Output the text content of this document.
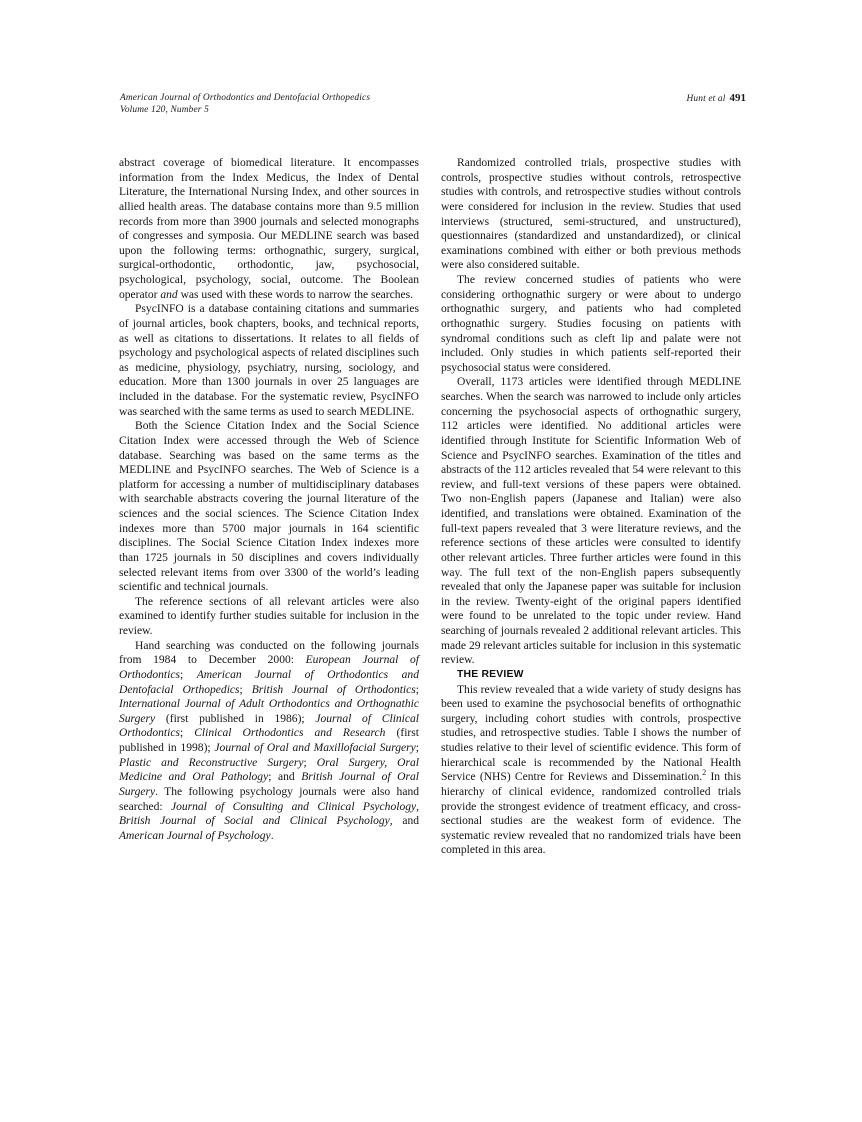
American Journal of Orthodontics and Dentofacial Orthopedics
Volume 120, Number 5
Hunt et al 491

abstract coverage of biomedical literature. It encompasses information from the Index Medicus, the Index of Dental Literature, the International Nursing Index, and other sources in allied health areas. The database contains more than 9.5 million records from more than 3900 journals and selected monographs of congresses and symposia. Our MEDLINE search was based upon the following terms: orthognathic, surgery, surgical, surgical-orthodontic, orthodontic, jaw, psychosocial, psychological, psychology, social, outcome. The Boolean operator and was used with these words to narrow the searches.

PsycINFO is a database containing citations and summaries of journal articles, book chapters, books, and technical reports, as well as citations to dissertations. It relates to all fields of psychology and psychological aspects of related disciplines such as medicine, physiology, psychiatry, nursing, sociology, and education. More than 1300 journals in over 25 languages are included in the database. For the systematic review, PsycINFO was searched with the same terms as used to search MEDLINE.

Both the Science Citation Index and the Social Science Citation Index were accessed through the Web of Science database. Searching was based on the same terms as the MEDLINE and PsycINFO searches. The Web of Science is a platform for accessing a number of multidisciplinary databases with searchable abstracts covering the journal literature of the sciences and the social sciences. The Science Citation Index indexes more than 5700 major journals in 164 scientific disciplines. The Social Science Citation Index indexes more than 1725 journals in 50 disciplines and covers individually selected relevant items from over 3300 of the world’s leading scientific and technical journals.

The reference sections of all relevant articles were also examined to identify further studies suitable for inclusion in the review.

Hand searching was conducted on the following journals from 1984 to December 2000: European Journal of Orthodontics; American Journal of Orthodontics and Dentofacial Orthopedics; British Journal of Orthodontics; International Journal of Adult Orthodontics and Orthognathic Surgery (first published in 1986); Journal of Clinical Orthodontics; Clinical Orthodontics and Research (first published in 1998); Journal of Oral and Maxillofacial Surgery; Plastic and Reconstructive Surgery; Oral Surgery, Oral Medicine and Oral Pathology; and British Journal of Oral Surgery. The following psychology journals were also hand searched: Journal of Consulting and Clinical Psychology, British Journal of Social and Clinical Psychology, and American Journal of Psychology.

Randomized controlled trials, prospective studies with controls, prospective studies without controls, retrospective studies with controls, and retrospective studies without controls were considered for inclusion in the review. Studies that used interviews (structured, semi-structured, and unstructured), questionnaires (standardized and unstandardized), or clinical examinations combined with either or both previous methods were also considered suitable.

The review concerned studies of patients who were considering orthognathic surgery or were about to undergo orthognathic surgery, and patients who had completed orthognathic surgery. Studies focusing on patients with syndromal conditions such as cleft lip and palate were not included. Only studies in which patients self-reported their psychosocial status were considered.

Overall, 1173 articles were identified through MEDLINE searches. When the search was narrowed to include only articles concerning the psychosocial aspects of orthognathic surgery, 112 articles were identified. No additional articles were identified through Institute for Scientific Information Web of Science and PsycINFO searches. Examination of the titles and abstracts of the 112 articles revealed that 54 were relevant to this review, and full-text versions of these papers were obtained. Two non-English papers (Japanese and Italian) were also identified, and translations were obtained. Examination of the full-text papers revealed that 3 were literature reviews, and the reference sections of these articles were consulted to identify other relevant articles. Three further articles were found in this way. The full text of the non-English papers subsequently revealed that only the Japanese paper was suitable for inclusion in the review. Twenty-eight of the original papers identified were found to be unrelated to the topic under review. Hand searching of journals revealed 2 additional relevant articles. This made 29 relevant articles suitable for inclusion in this systematic review.

THE REVIEW

This review revealed that a wide variety of study designs has been used to examine the psychosocial benefits of orthognathic surgery, including cohort studies with controls, prospective studies, and retrospective studies. Table I shows the number of studies relative to their level of scientific evidence. This form of hierarchical scale is recommended by the National Health Service (NHS) Centre for Reviews and Dissemination.$^2$ In this hierarchy of clinical evidence, randomized controlled trials provide the strongest evidence of treatment efficacy, and cross-sectional studies are the weakest form of evidence. The systematic review revealed that no randomized trials have been completed in this area.
